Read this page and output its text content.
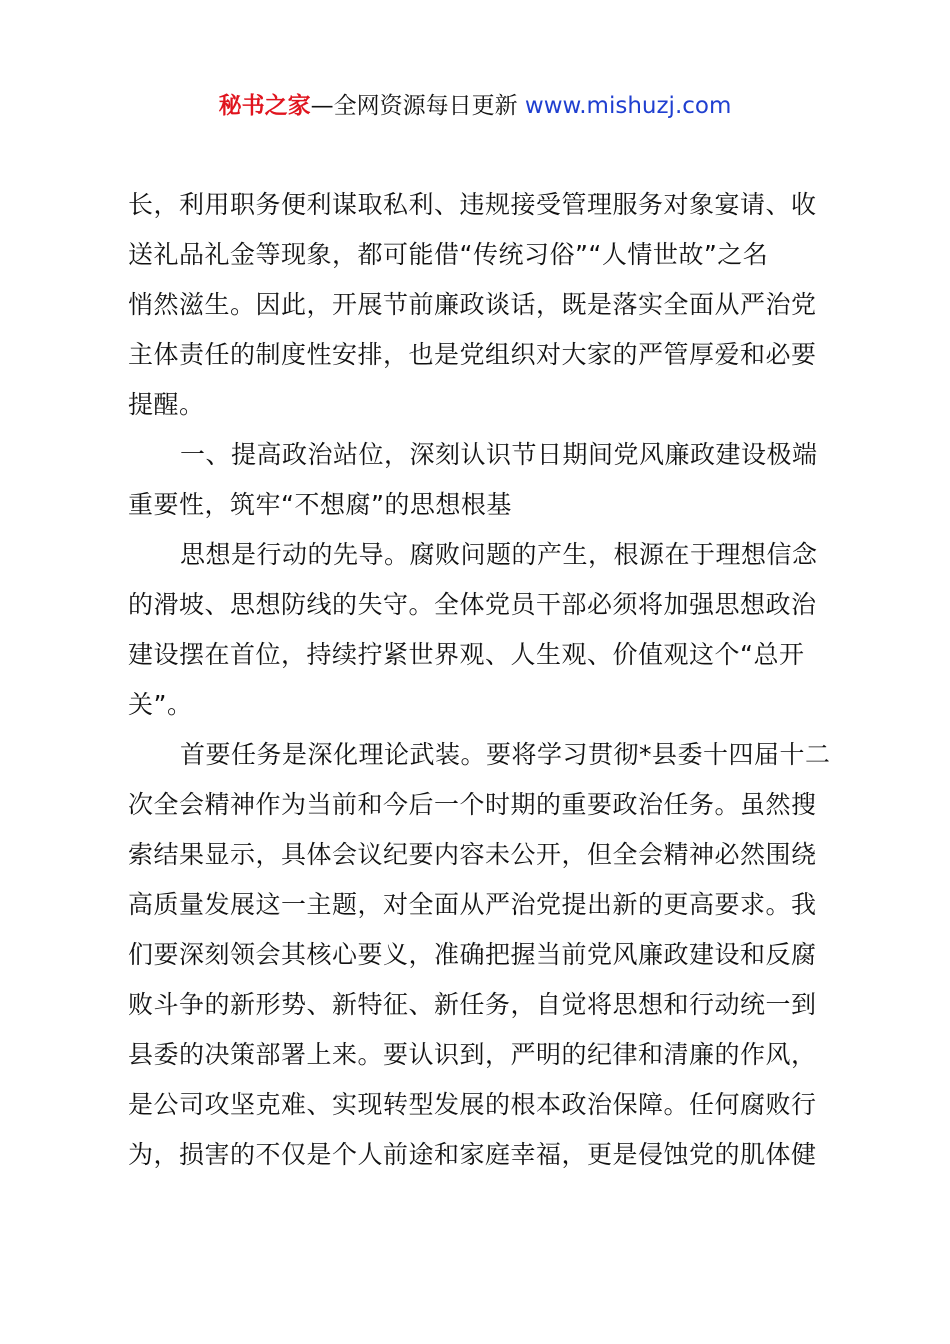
秘书之家—全网资源每日更新 www.mishuzj.com
长，利用职务便利谋取私利、违规接受管理服务对象宴请、收
送礼品礼金等现象，都可能借“传统习俗”“人情世故”之名
悄然滋生。因此，开展节前廉政谈话，既是落实全面从严治党
主体责任的制度性安排，也是党组织对大家的严管厚爱和必要
提醒。
一、提高政治站位，深刻认识节日期间党风廉政建设极端
重要性，筑牢“不想腐”的思想根基
思想是行动的先导。腐败问题的产生，根源在于理想信念
的滑坡、思想防线的失守。全体党员干部必须将加强思想政治
建设摆在首位，持续拧紧世界观、人生观、价值观这个“总开
关”。
首要任务是深化理论武装。要将学习贯彻*县委十四届十二
次全会精神作为当前和今后一个时期的重要政治任务。虽然搜
索结果显示，具体会议纪要内容未公开，但全会精神必然围绕
高质量发展这一主题，对全面从严治党提出新的更高要求。我
们要深刻领会其核心要义，准确把握当前党风廉政建设和反腐
败斗争的新形势、新特征、新任务，自觉将思想和行动统一到
县委的决策部署上来。要认识到，严明的纪律和清廉的作风，
是公司攻坚克难、实现转型发展的根本政治保障。任何腐败行
为，损害的不仅是个人前途和家庭幸福，更是侵蚀党的肌体健
